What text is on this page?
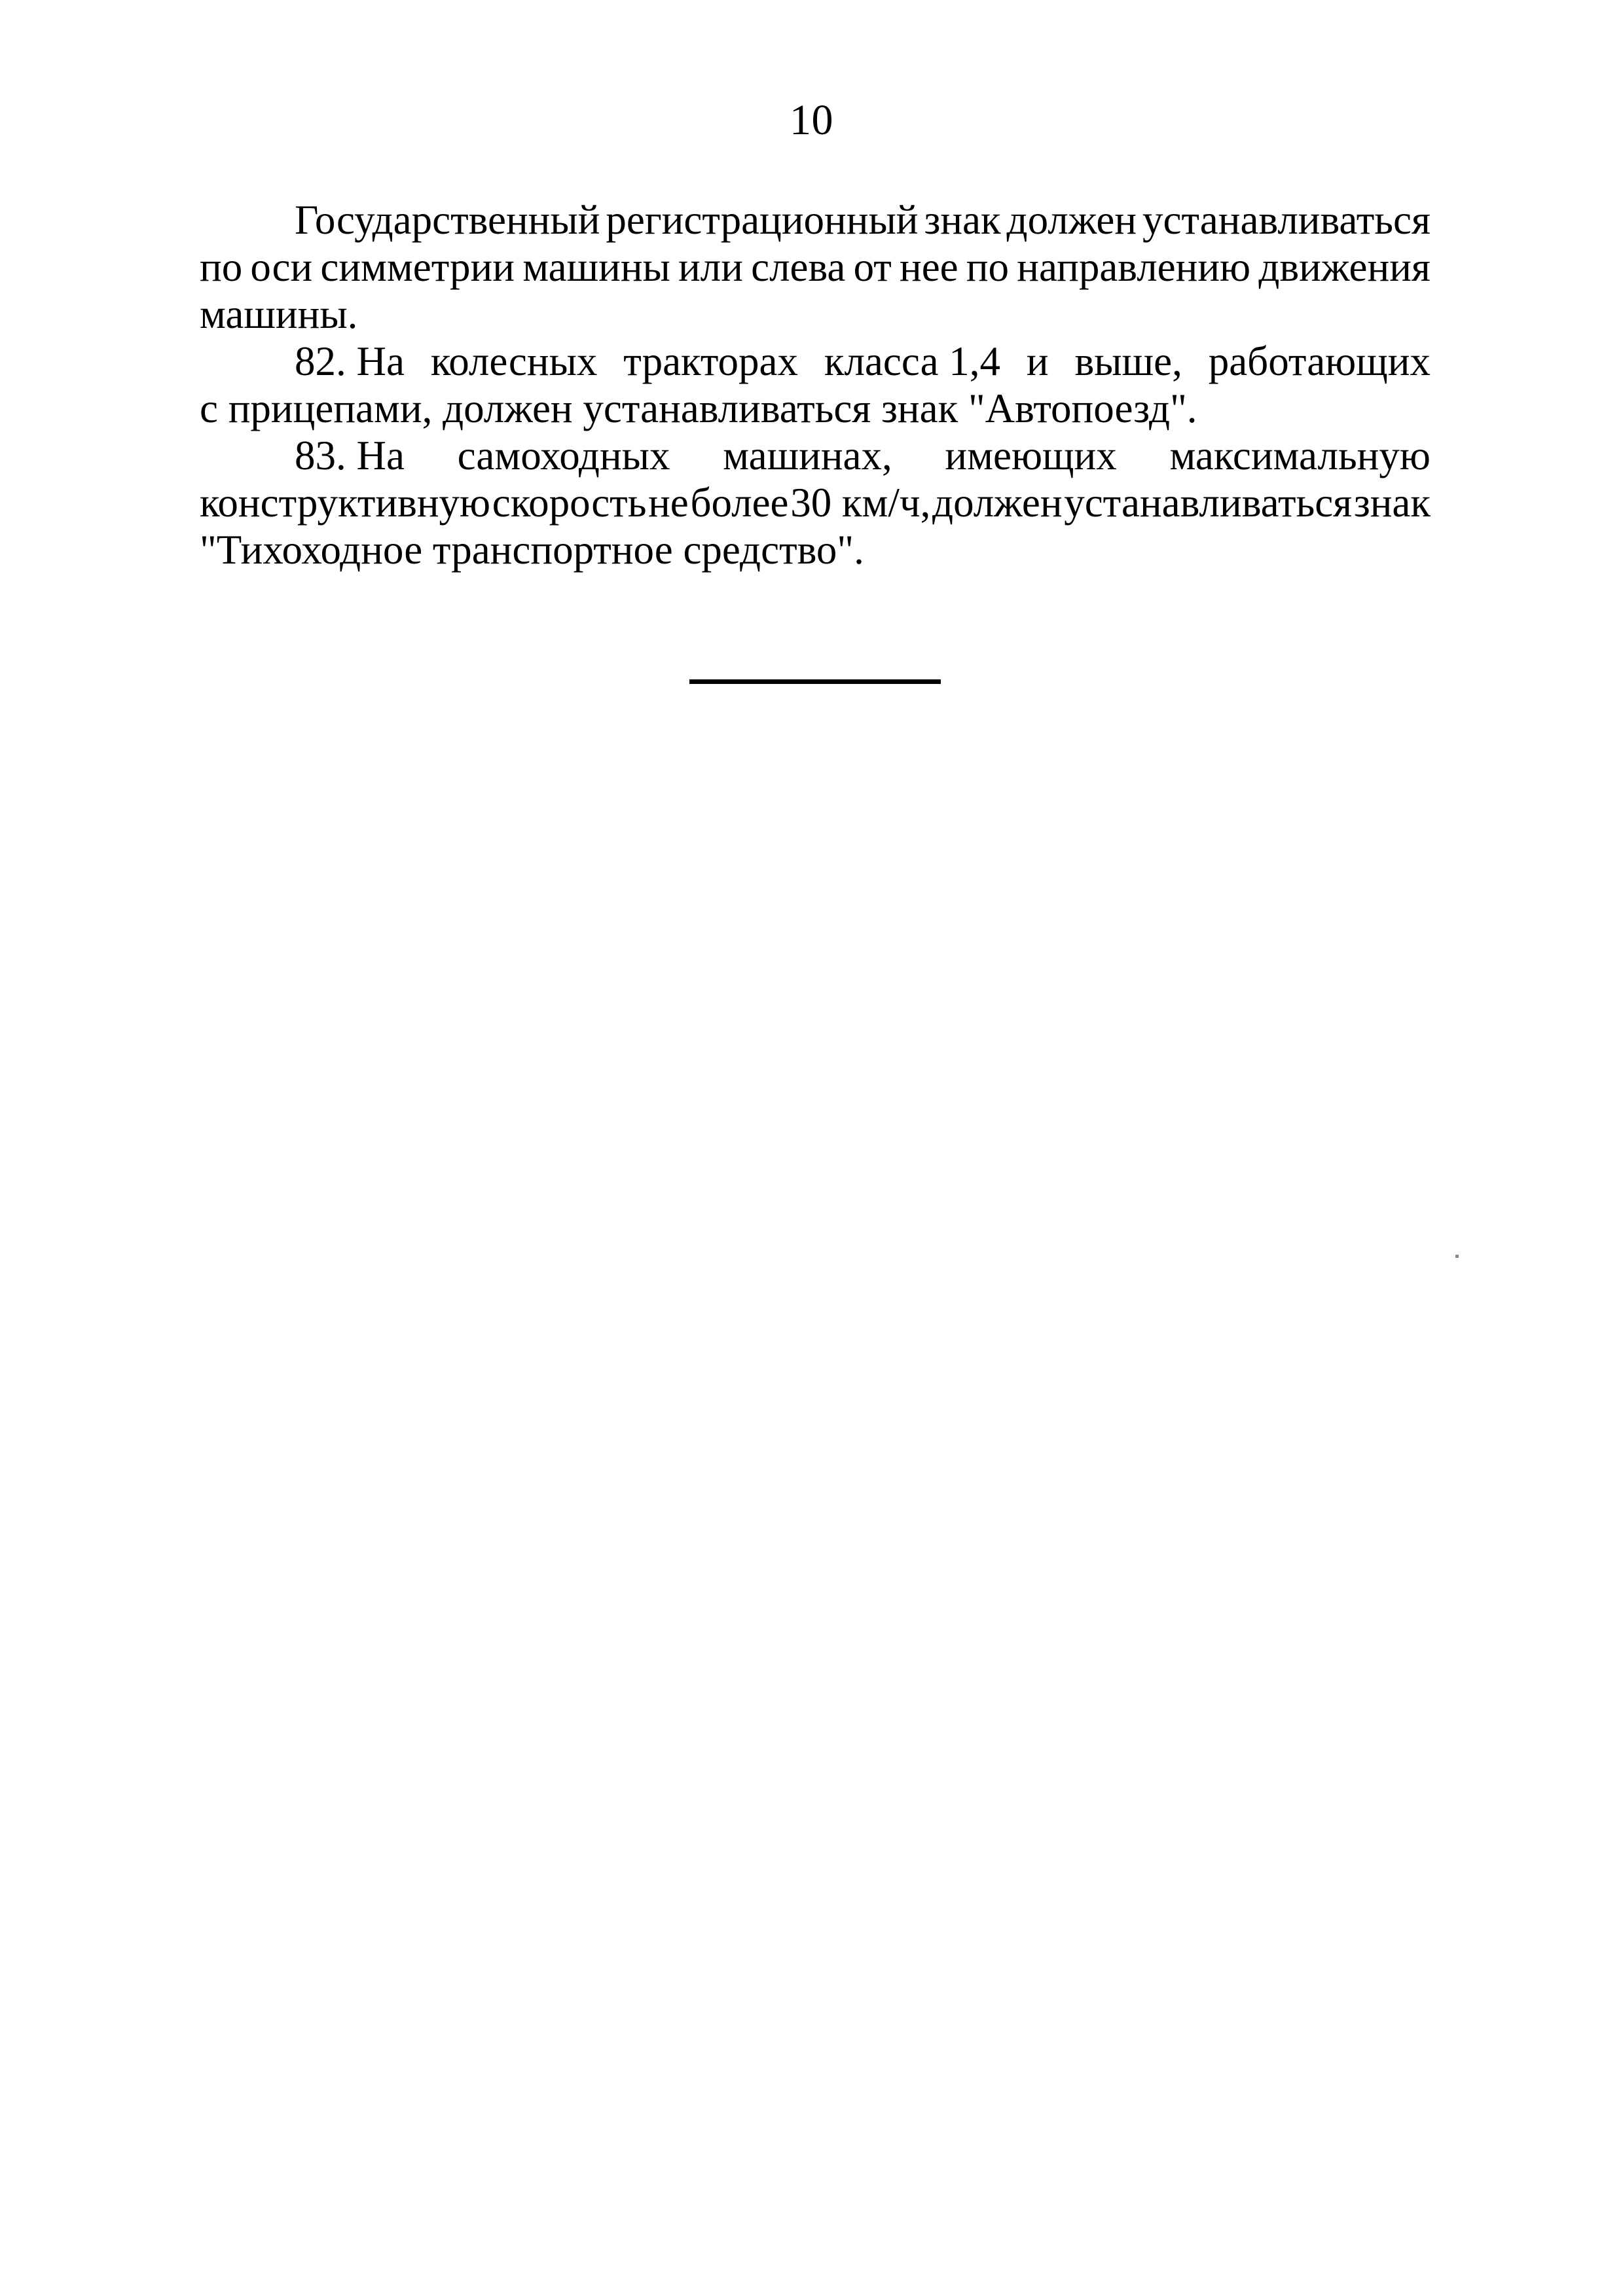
10
Государственный регистрационный знак должен устанавливаться
по оси симметрии машины или слева от нее по направлению движения
машины.
82. На колесных тракторах класса 1,4 и выше, работающих
с прицепами, должен устанавливаться знак "Автопоезд".
83. На самоходных машинах, имеющих максимальную
конструктивную скорость не более 30 км/ч, должен устанавливаться знак
"Тихоходное транспортное средство".
